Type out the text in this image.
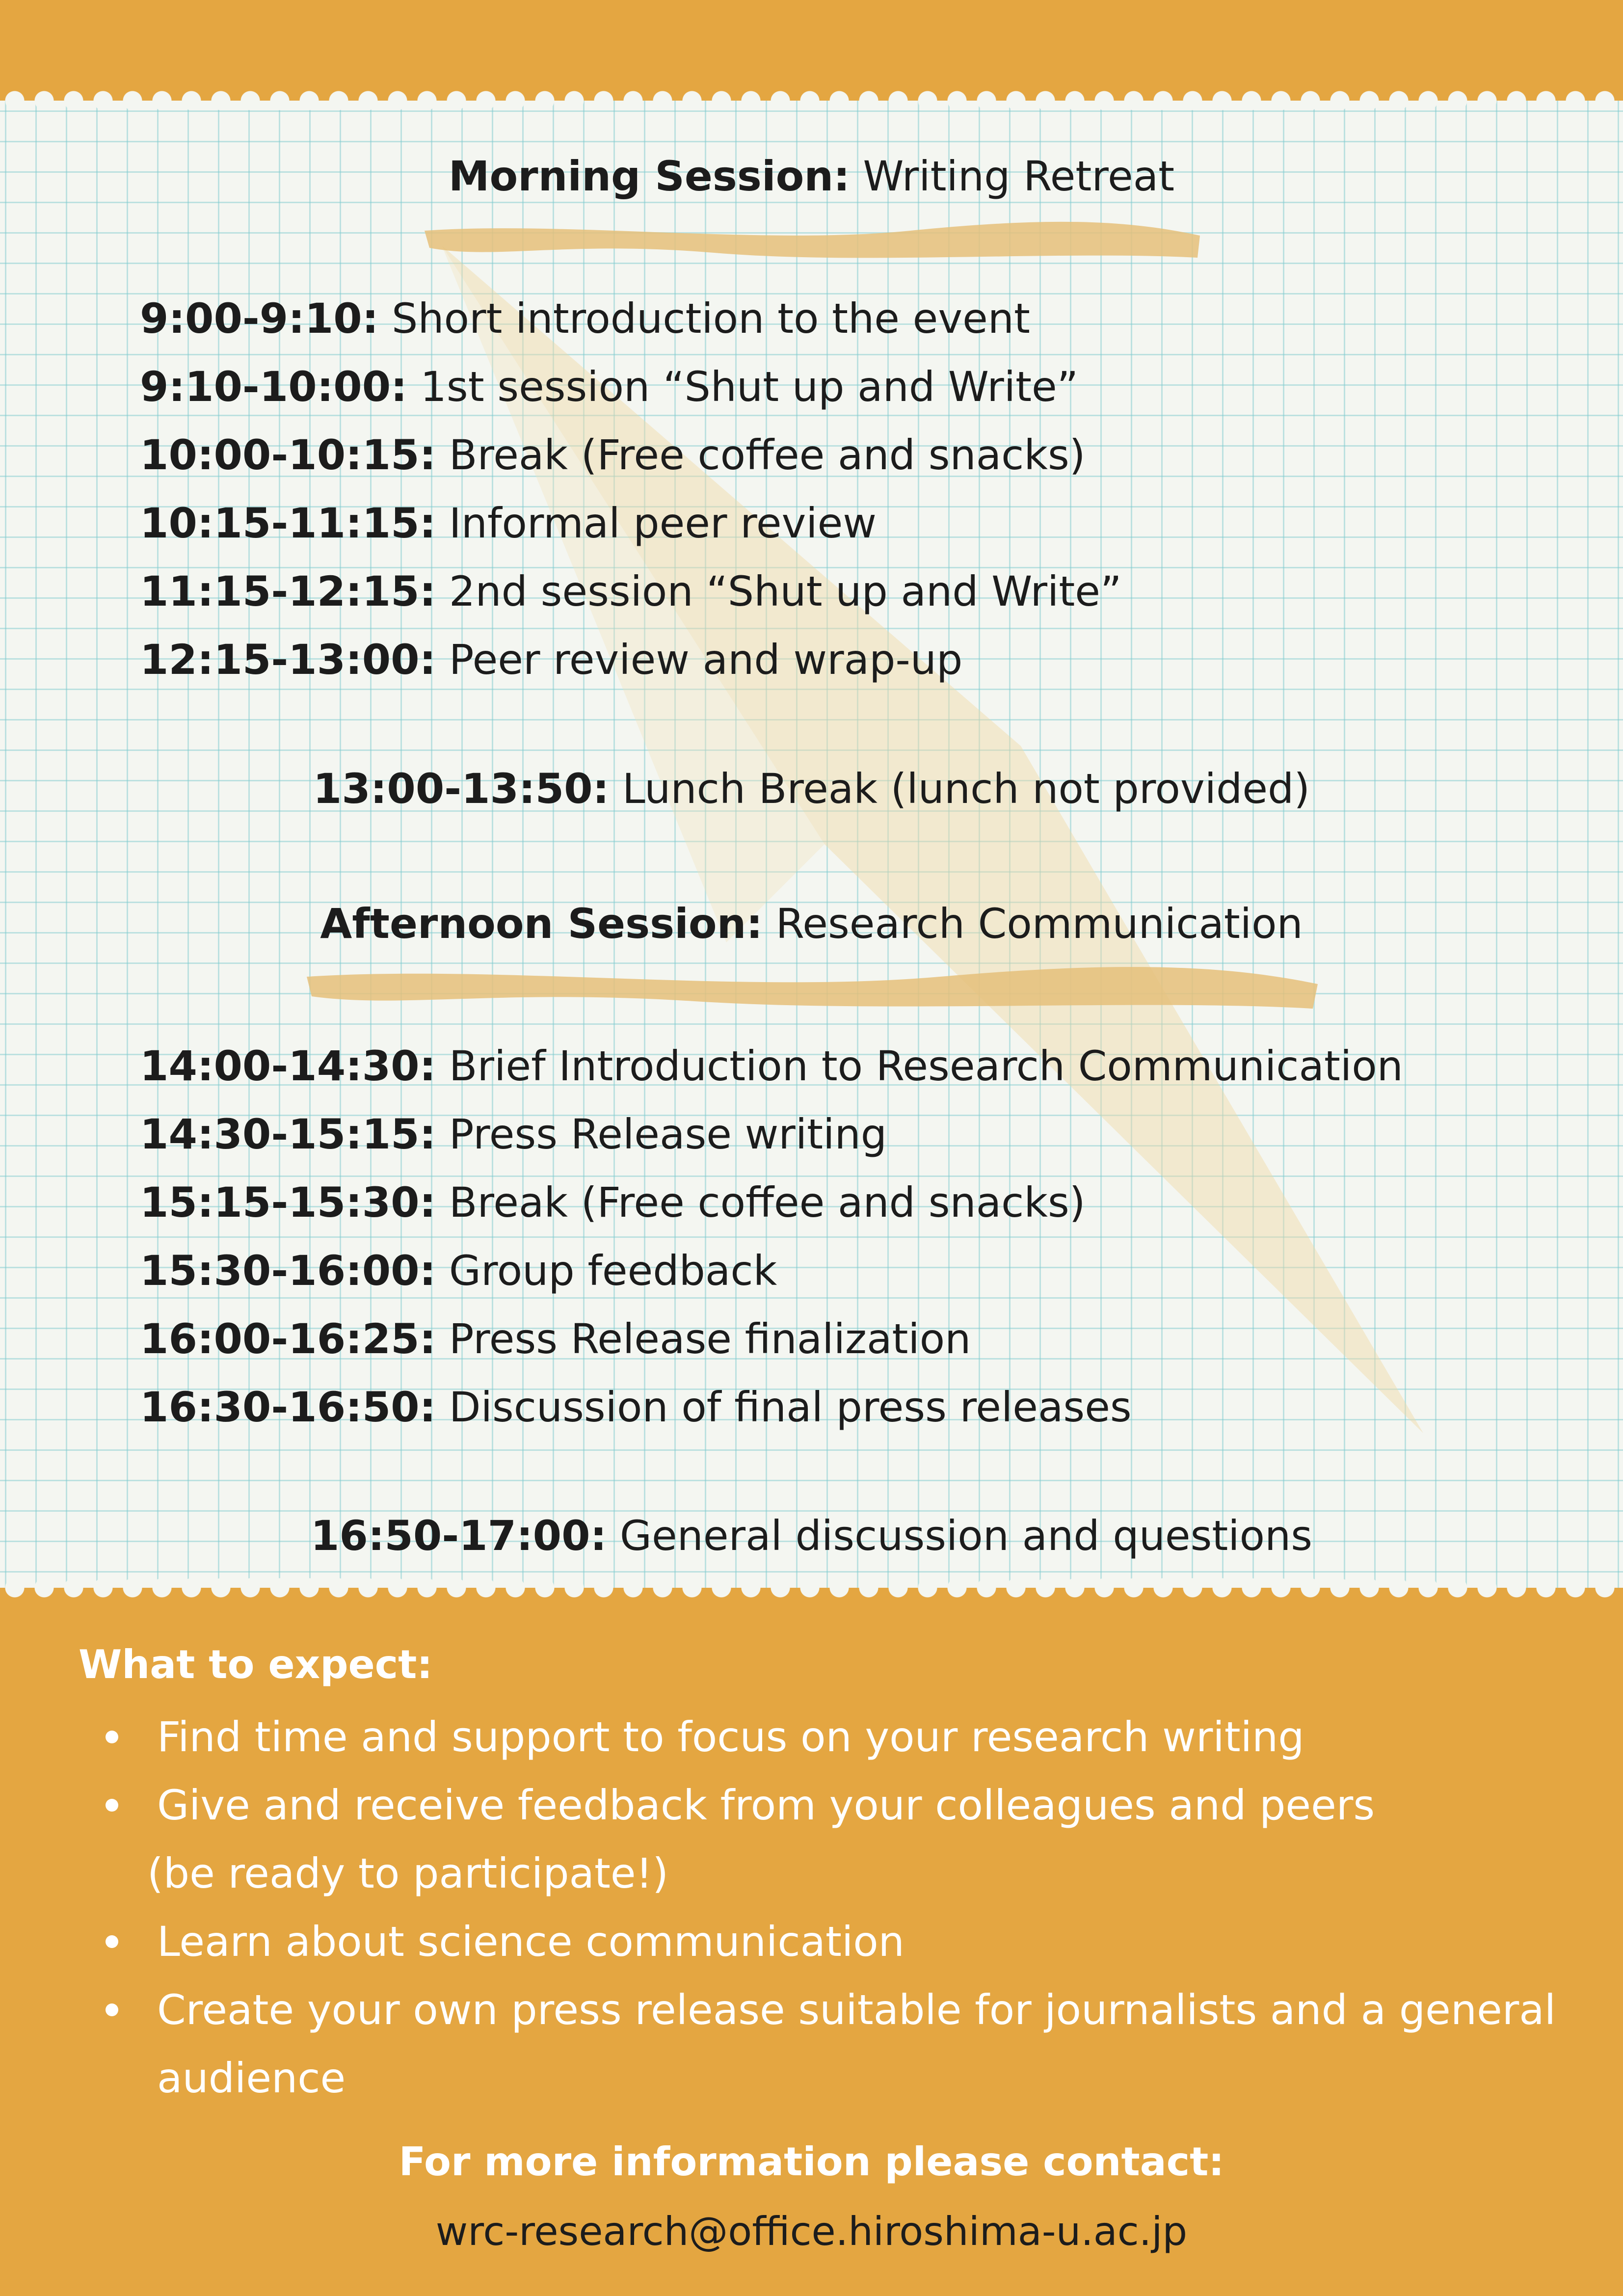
Morning Session: Writing Retreat
9:00-9:10: Short introduction to the event
9:10-10:00: 1st session “Shut up and Write”
10:00-10:15: Break (Free coffee and snacks)
10:15-11:15: Informal peer review
11:15-12:15: 2nd session “Shut up and Write”
12:15-13:00: Peer review and wrap-up
13:00-13:50: Lunch Break (lunch not provided)
Afternoon Session: Research Communication
14:00-14:30: Brief Introduction to Research Communication
14:30-15:15: Press Release writing
15:15-15:30: Break (Free coffee and snacks)
15:30-16:00: Group feedback
16:00-16:25: Press Release finalization
16:30-16:50: Discussion of final press releases
16:50-17:00: General discussion and questions
What to expect:
Find time and support to focus on your research writing
Give and receive feedback from your colleagues and peers
(be ready to participate!)
Learn about science communication
Create your own press release suitable for journalists and a general
audience
For more information please contact:
wrc-research@office.hiroshima-u.ac.jp
